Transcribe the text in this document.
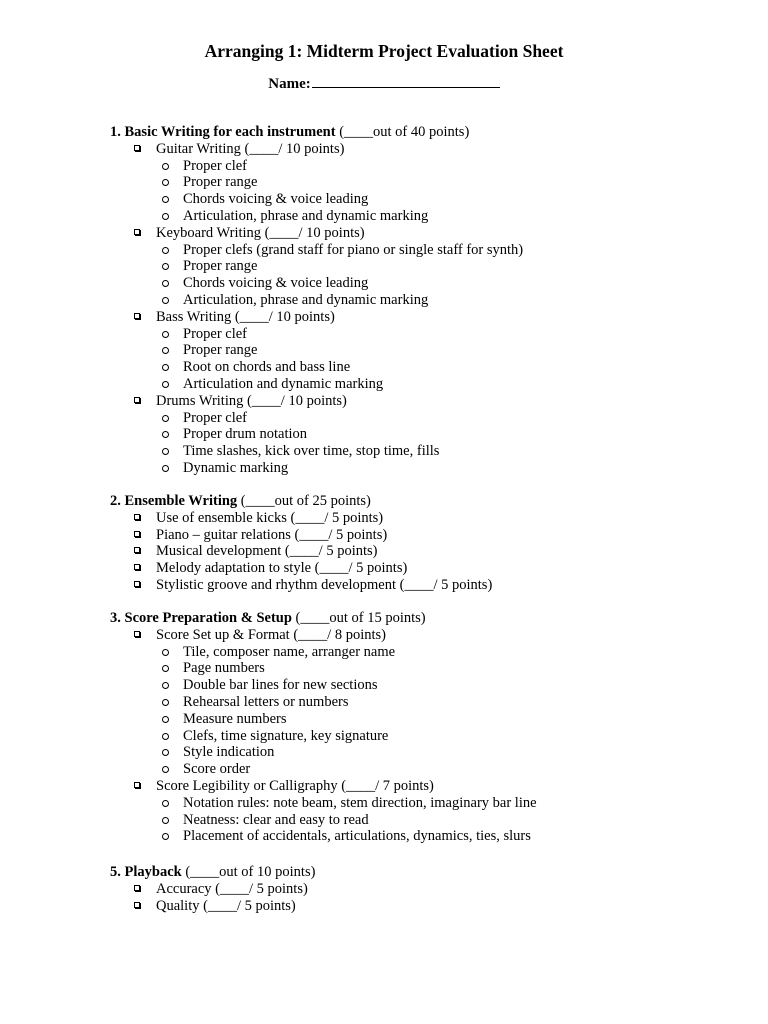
Arranging 1: Midterm Project Evaluation Sheet
Name:
1. Basic Writing for each instrument (____out of 40 points)
Guitar Writing (____/ 10 points)
Proper clef
Proper range
Chords voicing & voice leading
Articulation, phrase and dynamic marking
Keyboard Writing (____/ 10 points)
Proper clefs (grand staff for piano or single staff for synth)
Proper range
Chords voicing & voice leading
Articulation, phrase and dynamic marking
Bass Writing (____/ 10 points)
Proper clef
Proper range
Root on chords and bass line
Articulation and dynamic marking
Drums Writing (____/ 10 points)
Proper clef
Proper drum notation
Time slashes, kick over time, stop time, fills
Dynamic marking
2. Ensemble Writing (____out of 25 points)
Use of ensemble kicks (____/ 5 points)
Piano – guitar relations (____/ 5 points)
Musical development (____/ 5 points)
Melody adaptation to style (____/ 5 points)
Stylistic groove and rhythm development (____/ 5 points)
3. Score Preparation & Setup (____out of 15 points)
Score Set up & Format (____/ 8 points)
Tile, composer name, arranger name
Page numbers
Double bar lines for new sections
Rehearsal letters or numbers
Measure numbers
Clefs, time signature, key signature
Style indication
Score order
Score Legibility or Calligraphy (____/ 7 points)
Notation rules: note beam, stem direction, imaginary bar line
Neatness: clear and easy to read
Placement of accidentals, articulations, dynamics, ties, slurs
5. Playback (____out of 10 points)
Accuracy (____/ 5 points)
Quality (____/ 5 points)
